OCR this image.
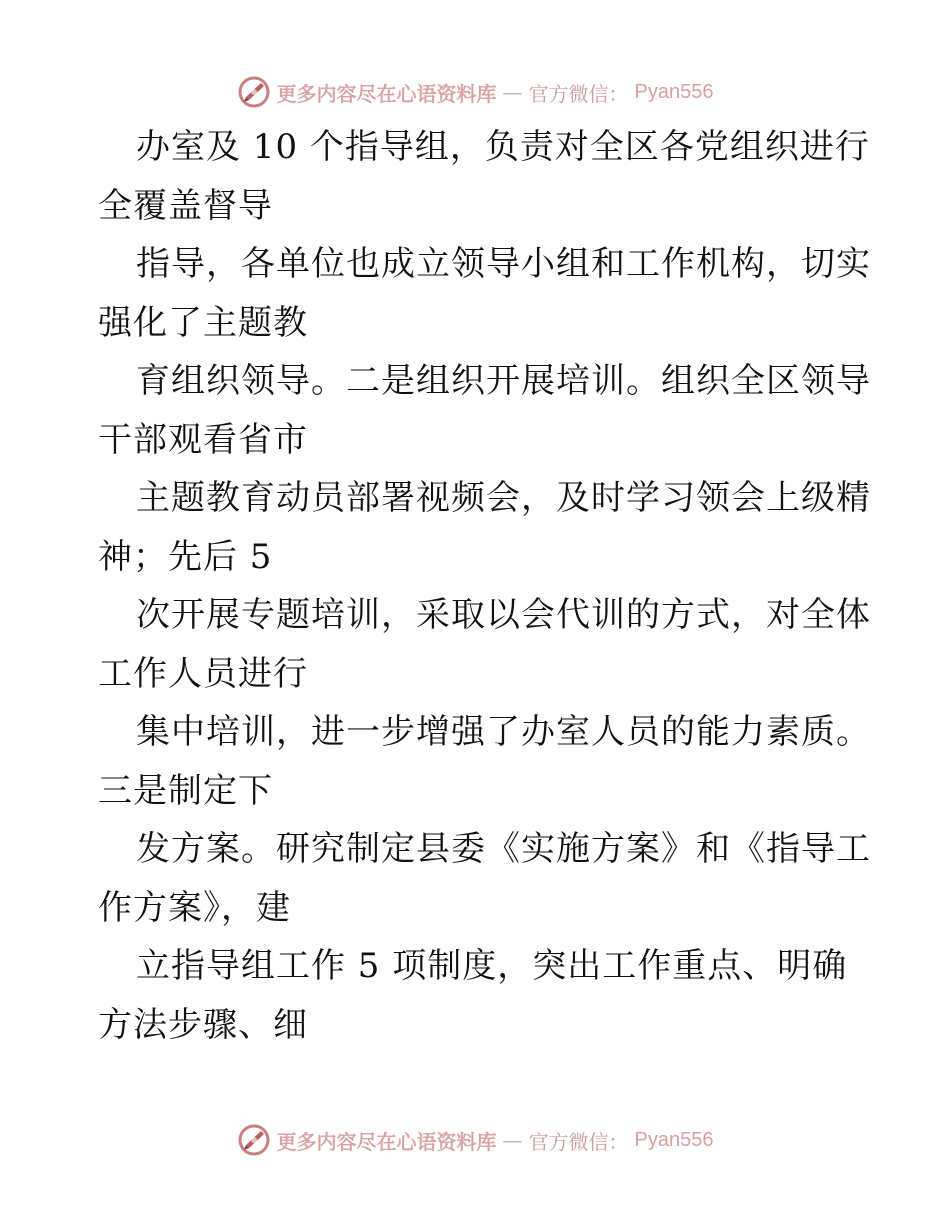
更多内容尽在心语资料库 — 官方微信： Pyan556
办室及 10 个指导组，负责对全区各党组织进行
全覆盖督导
指导，各单位也成立领导小组和工作机构，切实
强化了主题教
育组织领导。二是组织开展培训。组织全区领导
干部观看省市
主题教育动员部署视频会，及时学习领会上级精
神；先后 5
次开展专题培训，采取以会代训的方式，对全体
工作人员进行
集中培训，进一步增强了办室人员的能力素质。
三是制定下
发方案。研究制定县委《实施方案》和《指导工
作方案》，建
立指导组工作 5 项制度，突出工作重点、明确
方法步骤、细
更多内容尽在心语资料库 — 官方微信： Pyan556
